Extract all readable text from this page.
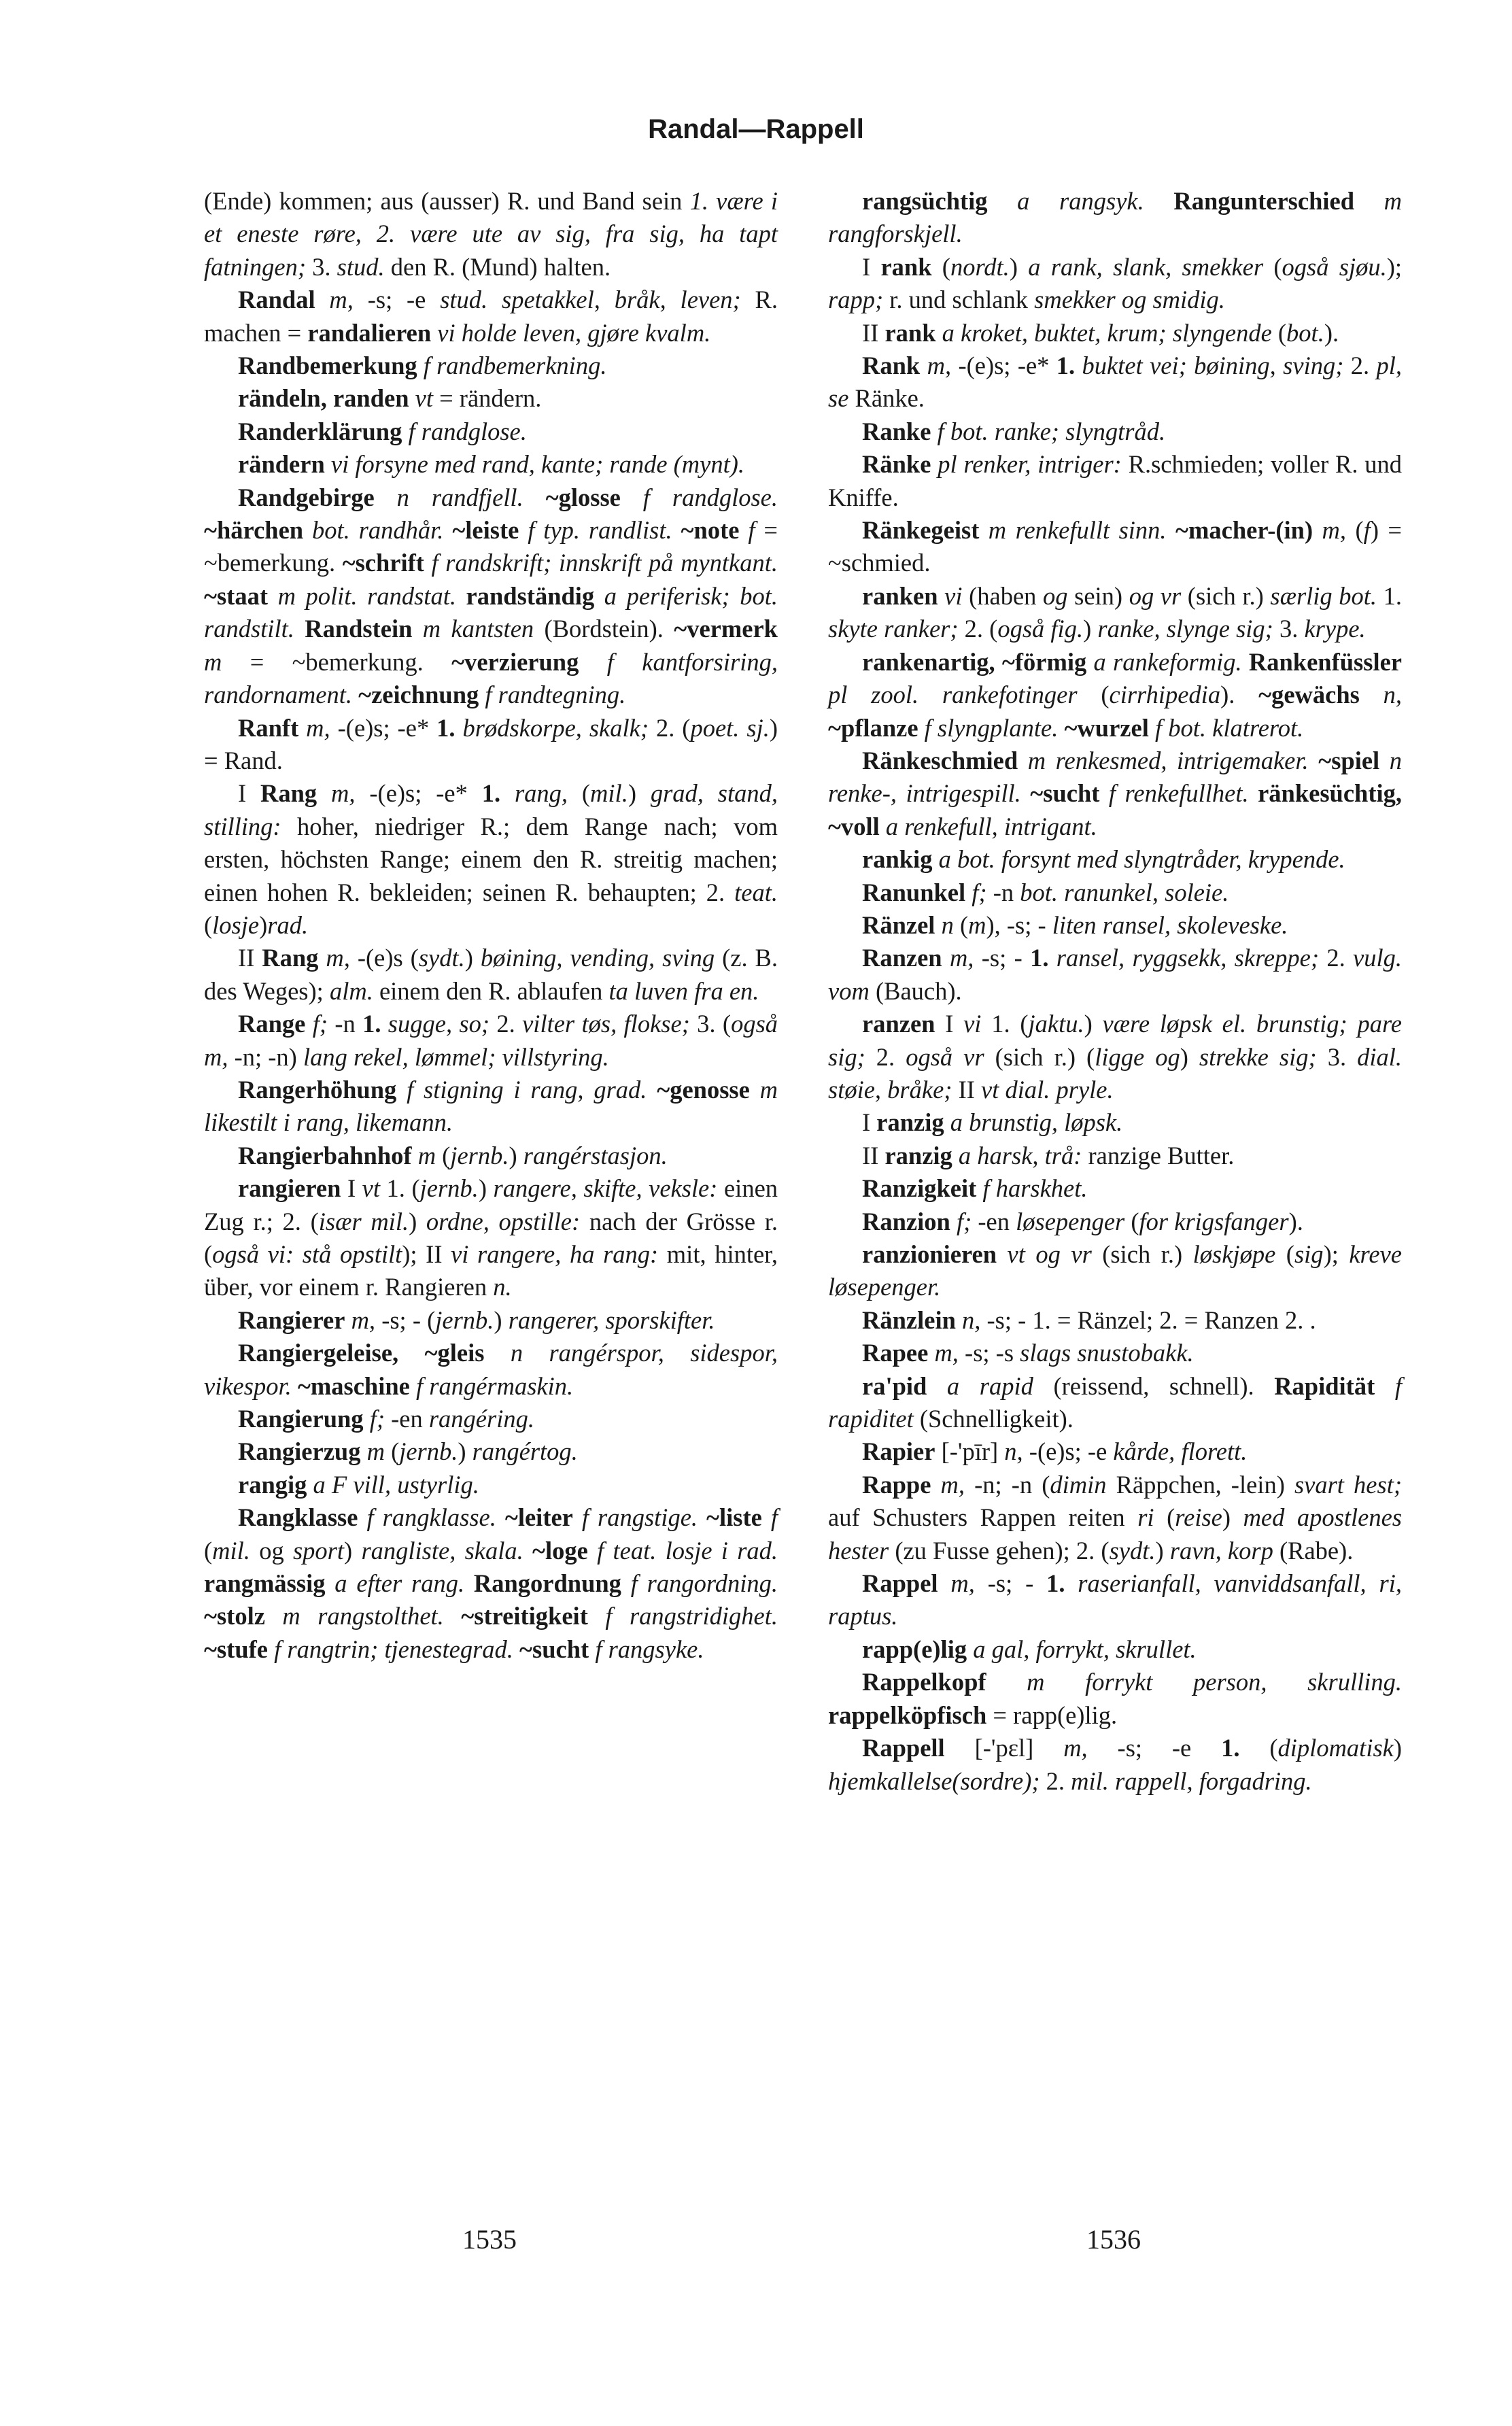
Randal—Rappell

(Ende) kommen; aus (ausser) R. und Band sein 1. være i et eneste røre, 2. være ute av sig, fra sig, ha tapt fatningen; 3. stud. den R. (Mund) halten.

Randal m, -s; -e stud. spetakkel, bråk, leven; R. machen = randalieren vi holde leven, gjøre kvalm.

Randbemerkung f randbemerkning.

rändeln, randen vt = rändern.

Randerklärung f randglose.

rändern vi forsyne med rand, kante; rande (mynt).

Randgebirge n randfjell. ~glosse f randglose. ~härchen bot. randhår. ~leiste f typ. randlist. ~note f = ~bemerkung. ~schrift f randskrift; innskrift på myntkant. ~staat m polit. randstat. randständig a periferisk; bot. randstilt. Randstein m kantsten (Bordstein). ~vermerk m = ~bemerkung. ~verzierung f kantforsiring, randornament. ~zeichnung f randtegning.

Ranft m, -(e)s; -e* 1. brødskorpe, skalk; 2. (poet. sj.) = Rand.

I Rang m, -(e)s; -e* 1. rang, (mil.) grad, stand, stilling: hoher, niedriger R.; dem Range nach; vom ersten, höchsten Range; einem den R. streitig machen; einen hohen R. bekleiden; seinen R. behaupten; 2. teat. (losje)rad.

II Rang m, -(e)s (sydt.) bøining, vending, sving (z. B. des Weges); alm. einem den R. ablaufen ta luven fra en.

Range f; -n 1. sugge, so; 2. vilter tøs, flokse; 3. (også m, -n; -n) lang rekel, lømmel; villstyring.

Rangerhöhung f stigning i rang, grad. ~genosse m likestilt i rang, likemann.

Rangierbahnhof m (jernb.) rangérstasjon.

rangieren I vt 1. (jernb.) rangere, skifte, veksle: einen Zug r.; 2. (især mil.) ordne, opstille: nach der Grösse r. (også vi: stå opstilt); II vi rangere, ha rang: mit, hinter, über, vor einem r. Rangieren n.

Rangierer m, -s; - (jernb.) rangerer, sporskifter.

Rangiergeleise, ~gleis n rangérspor, sidespor, vikespor. ~maschine f rangérmaskin.

Rangierung f; -en rangéring.

Rangierzug m (jernb.) rangértog.

rangig a F vill, ustyrlig.

Rangklasse f rangklasse. ~leiter f rangstige. ~liste f (mil. og sport) rangliste, skala. ~loge f teat. losje i rad. rangmässig a efter rang. Rangordnung f rangordning. ~stolz m rangstolthet. ~streitigkeit f rangstridighet. ~stufe f rangtrin; tjenestegrad. ~sucht f rangsyke.

rangsüchtig a rangsyk. Rangunterschied m rangforskjell.

I rank (nordt.) a rank, slank, smekker (også sjøu.); rapp; r. und schlank smekker og smidig.

II rank a kroket, buktet, krum; slyngende (bot.).

Rank m, -(e)s; -e* 1. buktet vei; bøining, sving; 2. pl, se Ränke.

Ranke f bot. ranke; slyngtråd.

Ränke pl renker, intriger: R.schmieden; voller R. und Kniffe.

Ränkegeist m renkefullt sinn. ~macher-(in) m, (f) = ~schmied.

ranken vi (haben og sein) og vr (sich r.) særlig bot. 1. skyte ranker; 2. (også fig.) ranke, slynge sig; 3. krype.

rankenartig, ~förmig a rankeformig. Rankenfüssler pl zool. rankefotinger (cirrhipedia). ~gewächs n, ~pflanze f slyngplante. ~wurzel f bot. klatrerot.

Ränkeschmied m renkesmed, intrigemaker. ~spiel n renke-, intrigespill. ~sucht f renkefullhet. ränkesüchtig, ~voll a renkefull, intrigant.

rankig a bot. forsynt med slyngtråder, krypende.

Ranunkel f; -n bot. ranunkel, soleie.

Ränzel n (m), -s; - liten ransel, skoleveske.

Ranzen m, -s; - 1. ransel, ryggsekk, skreppe; 2. vulg. vom (Bauch).

ranzen I vi 1. (jaktu.) være løpsk el. brunstig; pare sig; 2. også vr (sich r.) (ligge og) strekke sig; 3. dial. støie, bråke; II vt dial. pryle.

I ranzig a brunstig, løpsk.

II ranzig a harsk, trå: ranzige Butter.

Ranzigkeit f harskhet.

Ranzion f; -en løsepenger (for krigsfanger).

ranzionieren vt og vr (sich r.) løskjøpe (sig); kreve løsepenger.

Ränzlein n, -s; - 1. = Ränzel; 2. = Ranzen 2. .

Rapee m, -s; -s slags snustobakk.

ra'pid a rapid (reissend, schnell). Rapidität f rapiditet (Schnelligkeit).

Rapier [-'pīr] n, -(e)s; -e kårde, florett.

Rappe m, -n; -n (dimin Räppchen, -lein) svart hest; auf Schusters Rappen reiten ri (reise) med apostlenes hester (zu Fusse gehen); 2. (sydt.) ravn, korp (Rabe).

Rappel m, -s; - 1. raserianfall, vanviddsanfall, ri, raptus.

rapp(e)lig a gal, forrykt, skrullet.

Rappelkopf m forrykt person, skrulling. rappelköpfisch = rapp(e)lig.

Rappell [-'pɛl] m, -s; -e 1. (diplomatisk) hjemkallelse(sordre); 2. mil. rappell, forgadring.

1535	1536
